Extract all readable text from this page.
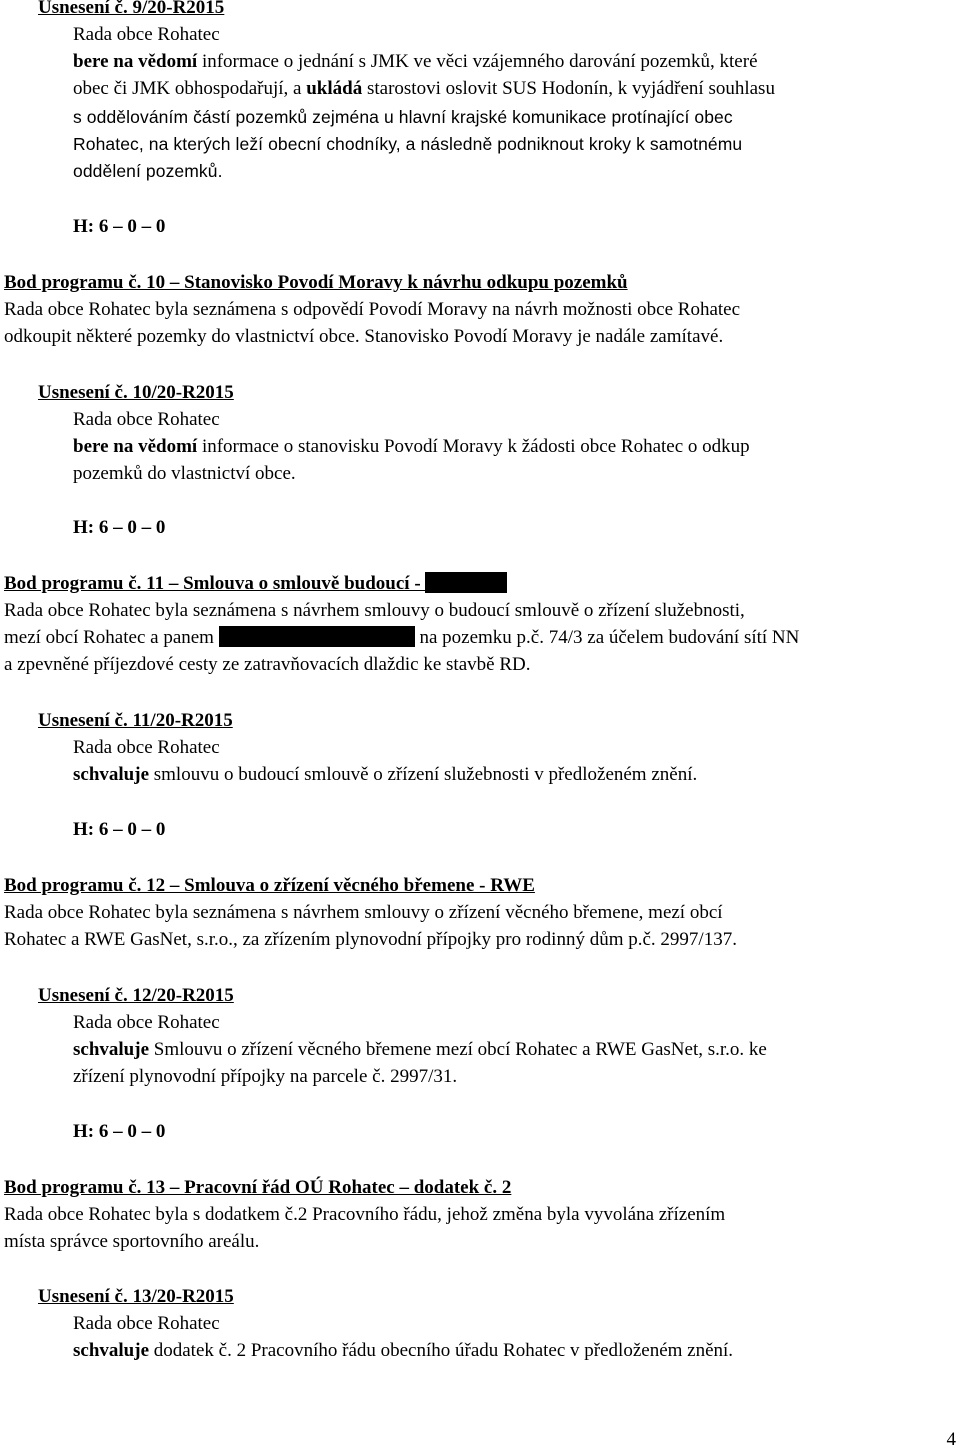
Usnesení č. 9/20-R2015
Rada obce Rohatec
bere na vědomí informace o jednání s JMK ve věci vzájemného darování pozemků, které
obec či JMK obhospodařují, a ukládá starostovi oslovit SUS Hodonín, k vyjádření souhlasu
s oddělováním částí pozemků zejména u hlavní krajské komunikace protínající obec
Rohatec, na kterých leží obecní chodníky, a následně podniknout kroky k samotnému
oddělení pozemků.
H: 6 – 0 – 0
Bod programu č. 10 – Stanovisko Povodí Moravy k návrhu odkupu pozemků
Rada obce Rohatec byla seznámena s odpovědí Povodí Moravy na návrh možnosti obce Rohatec
odkoupit některé pozemky do vlastnictví obce. Stanovisko Povodí Moravy je nadále zamítavé.
Usnesení č. 10/20-R2015
Rada obce Rohatec
bere na vědomí informace o stanovisku Povodí Moravy k žádosti obce Rohatec o odkup
pozemků do vlastnictví obce.
H: 6 – 0 – 0
Bod programu č. 11 – Smlouva o smlouvě budoucí -
Rada obce Rohatec byla seznámena s návrhem smlouvy o budoucí smlouvě o zřízení služebnosti,
mezí obcí Rohatec a panem	na pozemku p.č. 74/3 za účelem budování sítí NN
a zpevněné příjezdové cesty ze zatravňovacích dlaždic ke stavbě RD.
Usnesení č. 11/20-R2015
Rada obce Rohatec
schvaluje smlouvu o budoucí smlouvě o zřízení služebnosti v předloženém znění.
H: 6 – 0 – 0
Bod programu č. 12 – Smlouva o zřízení věcného břemene - RWE
Rada obce Rohatec byla seznámena s návrhem smlouvy o zřízení věcného břemene, mezí obcí
Rohatec a RWE GasNet, s.r.o., za zřízením plynovodní přípojky pro rodinný dům p.č. 2997/137.
Usnesení č. 12/20-R2015
Rada obce Rohatec
schvaluje Smlouvu o zřízení věcného břemene mezí obcí Rohatec a RWE GasNet, s.r.o. ke
zřízení plynovodní přípojky na parcele č. 2997/31.
H: 6 – 0 – 0
Bod programu č. 13 – Pracovní řád OÚ Rohatec – dodatek č. 2
Rada obce Rohatec byla s dodatkem č.2 Pracovního řádu, jehož změna byla vyvolána zřízením
místa správce sportovního areálu.
Usnesení č. 13/20-R2015
Rada obce Rohatec
schvaluje dodatek č. 2 Pracovního řádu obecního úřadu Rohatec v předloženém znění.
4
